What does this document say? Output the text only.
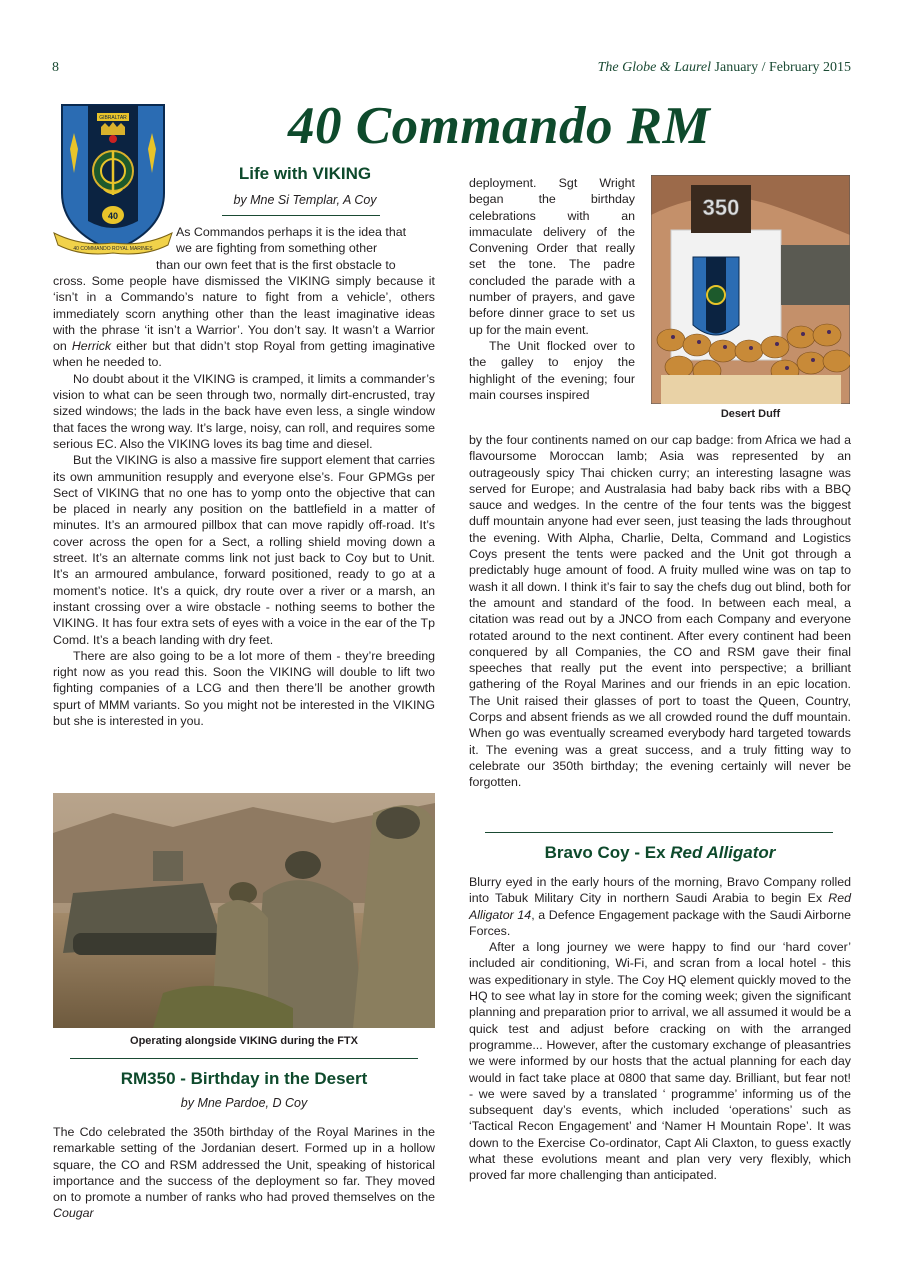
8	The Globe & Laurel January / February 2015
GIBRALTAR
40
40 COMMANDO ROYAL MARINES
40 Commando RM
Life with VIKING
by Mne Si Templar, A Coy
As Commandos perhaps it is the idea that
we are fighting from something other
than our own feet that is the first obstacle to

cross. Some people have dismissed the VIKING simply because it ‘isn’t in a Commando’s nature to fight from a vehicle’, others immediately scorn anything other than the least imaginative ideas with the phrase ‘it isn’t a Warrior’. You don’t say. It wasn’t a Warrior on Herrick either but that didn’t stop Royal from getting imaginative when he needed to.

No doubt about it the VIKING is cramped, it limits a commander’s vision to what can be seen through two, normally dirt-encrusted, tray sized windows; the lads in the back have even less, a single window that faces the wrong way. It’s large, noisy, can roll, and requires some serious EC. Also the VIKING loves its bag time and diesel.

But the VIKING is also a massive fire support element that carries its own ammunition resupply and everyone else’s. Four GPMGs per Sect of VIKING that no one has to yomp onto the objective that can be placed in nearly any position on the battlefield in a matter of minutes. It’s an armoured pillbox that can move rapidly off-road. It’s cover across the open for a Sect, a rolling shield moving down a street. It’s an alternate comms link not just back to Coy but to Unit. It’s an armoured ambulance, forward positioned, ready to go at a moment’s notice. It’s a quick, dry route over a river or a marsh, an instant crossing over a wire obstacle - nothing seems to bother the VIKING. It has four extra sets of eyes with a voice in the ear of the Tp Comd. It’s a beach landing with dry feet.

There are also going to be a lot more of them - they’re breeding right now as you read this. Soon the VIKING will double to lift two fighting companies of a LCG and then there’ll be another growth spurt of MMM variants. So you might not be interested in the VIKING but she is interested in you.

Operating alongside VIKING during the FTX
RM350 - Birthday in the Desert
by Mne Pardoe, D Coy

The Cdo celebrated the 350th birthday of the Royal Marines in the remarkable setting of the Jordanian desert. Formed up in a hollow square, the CO and RSM addressed the Unit, speaking of historical importance and the success of the deployment so far. They moved on to promote a number of ranks who had proved themselves on the Cougar

deployment. Sgt Wright began the birthday celebrations with an immaculate delivery of the Convening Order that really set the tone. The padre concluded the parade with a number of prayers, and gave before dinner grace to set us up for the main event.

The Unit flocked over to the galley to enjoy the highlight of the evening; four main courses inspired

350
Desert Duff

by the four continents named on our cap badge: from Africa we had a flavoursome Moroccan lamb; Asia was represented by an outrageously spicy Thai chicken curry; an interesting lasagne was served for Europe; and Australasia had baby back ribs with a BBQ sauce and wedges. In the centre of the four tents was the biggest duff mountain anyone had ever seen, just teasing the lads throughout the evening. With Alpha, Charlie, Delta, Command and Logistics Coys present the tents were packed and the Unit got through a predictably huge amount of food. A fruity mulled wine was on tap to wash it all down. I think it’s fair to say the chefs dug out blind, both for the amount and standard of the food. In between each meal, a citation was read out by a JNCO from each Company and everyone rotated around to the next continent. After every continent had been conquered by all Companies, the CO and RSM gave their final speeches that really put the event into perspective; a brilliant gathering of the Royal Marines and our friends in an epic location. The Unit raised their glasses of port to toast the Queen, Country, Corps and absent friends as we all crowded round the duff mountain. When go was eventually screamed everybody hard targeted towards it. The evening was a great success, and a truly fitting way to celebrate our 350th birthday; the evening certainly will never be forgotten.

Bravo Coy - Ex Red Alligator

Blurry eyed in the early hours of the morning, Bravo Company rolled into Tabuk Military City in northern Saudi Arabia to begin Ex Red Alligator 14, a Defence Engagement package with the Saudi Airborne Forces.

After a long journey we were happy to find our ‘hard cover’ included air conditioning, Wi-Fi, and scran from a local hotel - this was expeditionary in style. The Coy HQ element quickly moved to the HQ to see what lay in store for the coming week; given the significant planning and preparation prior to arrival, we all assumed it would be a quick test and adjust before cracking on with the arranged programme... However, after the customary exchange of pleasantries we were informed by our hosts that the actual planning for each day would in fact take place at 0800 that same day. Brilliant, but fear not! - we were saved by a translated ‘ programme’ informing us of the subsequent day’s events, which included ‘operations’ such as ‘Tactical Recon Engagement’ and ‘Namer H Mountain Rope’. It was down to the Exercise Co-ordinator, Capt Ali Claxton, to guess exactly what these evolutions meant and plan very very flexibly, which proved far more challenging than anticipated.
